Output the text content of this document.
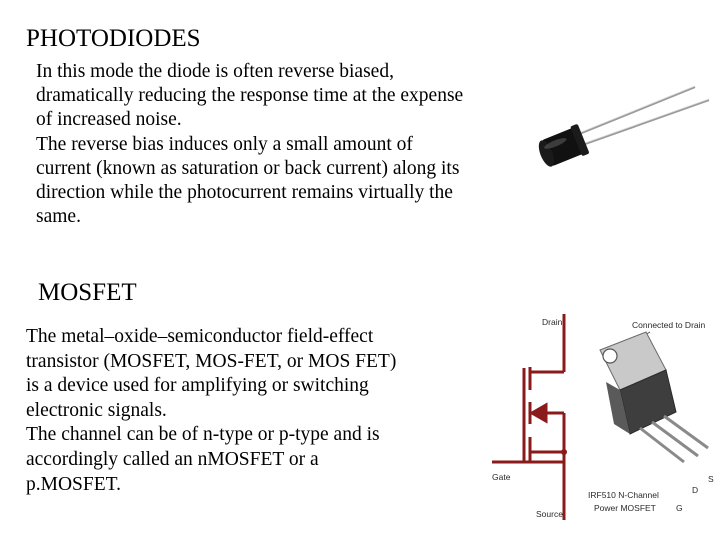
PHOTODIODES
In this mode the diode is often reverse biased,
dramatically reducing the response time at the expense
of increased noise.
The reverse bias induces only a small amount of
current (known as saturation or back current) along its
direction while the photocurrent remains virtually the
same.
MOSFET
The metal–oxide–semiconductor field-effect
transistor (MOSFET, MOS-FET, or MOS FET)
is a device used for amplifying or switching
electronic signals.
The channel can be of n-type or p-type and is
accordingly called an nMOSFET or a
p.MOSFET.
Drain
Gate
Source
Connected to Drain
S
D
G
IRF510 N-Channel
Power MOSFET
